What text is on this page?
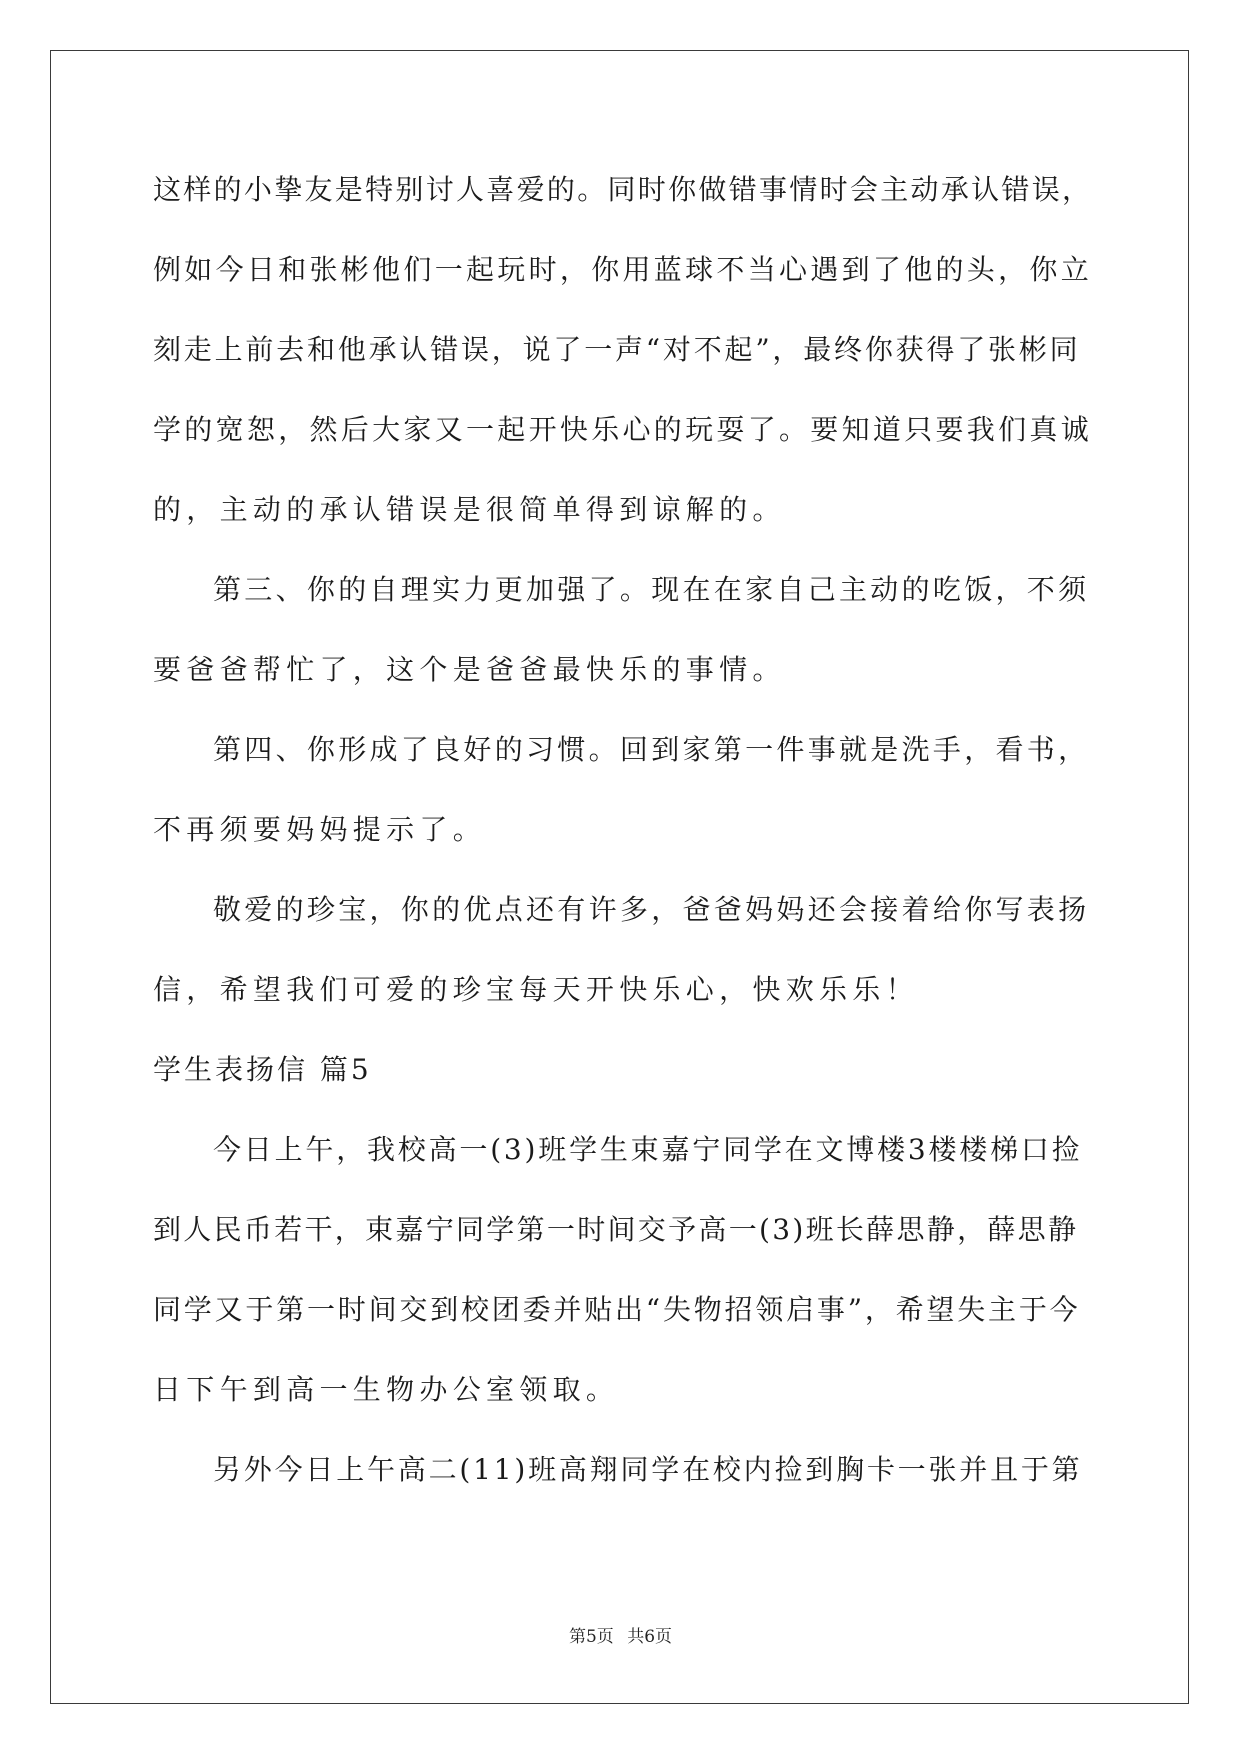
这样的小挚友是特别讨人喜爱的。同时你做错事情时会主动承认错误，

例如今日和张彬他们一起玩时，你用蓝球不当心遇到了他的头，你立

刻走上前去和他承认错误，说了一声“对不起”，最终你获得了张彬同

学的宽恕，然后大家又一起开快乐心的玩耍了。要知道只要我们真诚

的，主动的承认错误是很简单得到谅解的。

第三、你的自理实力更加强了。现在在家自己主动的吃饭，不须

要爸爸帮忙了，这个是爸爸最快乐的事情。

第四、你形成了良好的习惯。回到家第一件事就是洗手，看书，

不再须要妈妈提示了。

敬爱的珍宝，你的优点还有许多，爸爸妈妈还会接着给你写表扬

信，希望我们可爱的珍宝每天开快乐心，快欢乐乐！

学生表扬信 篇5

今日上午，我校高一(3)班学生束嘉宁同学在文博楼3楼楼梯口捡

到人民币若干，束嘉宁同学第一时间交予高一(3)班长薛思静，薛思静

同学又于第一时间交到校团委并贴出“失物招领启事”，希望失主于今

日下午到高一生物办公室领取。

另外今日上午高二(11)班高翔同学在校内捡到胸卡一张并且于第

第5页 共6页
